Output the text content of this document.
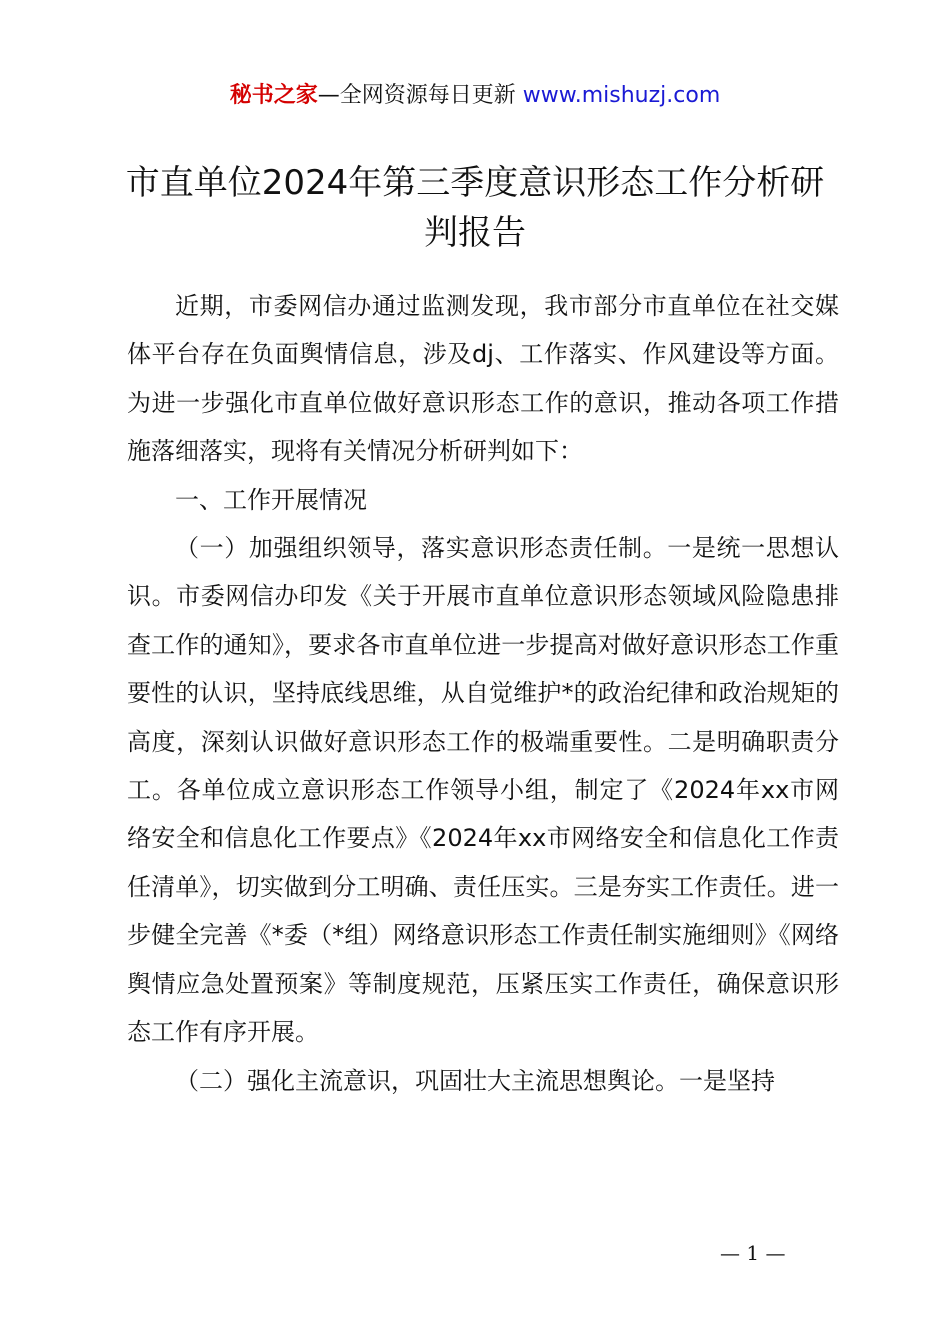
秘书之家—全网资源每日更新 www.mishuzj.com
市直单位2024年第三季度意识形态工作分析研判报告

近期，市委网信办通过监测发现，我市部分市直单位在社交媒体平台存在负面舆情信息，涉及dj、工作落实、作风建设等方面。为进一步强化市直单位做好意识形态工作的意识，推动各项工作措施落细落实，现将有关情况分析研判如下：

一、工作开展情况

（一）加强组织领导，落实意识形态责任制。一是统一思想认识。市委网信办印发《关于开展市直单位意识形态领域风险隐患排查工作的通知》，要求各市直单位进一步提高对做好意识形态工作重要性的认识，坚持底线思维，从自觉维护*的政治纪律和政治规矩的高度，深刻认识做好意识形态工作的极端重要性。二是明确职责分工。各单位成立意识形态工作领导小组，制定了《2024年xx市网络安全和信息化工作要点》《2024年xx市网络安全和信息化工作责任清单》，切实做到分工明确、责任压实。三是夯实工作责任。进一步健全完善《*委（*组）网络意识形态工作责任制实施细则》《网络舆情应急处置预案》等制度规范，压紧压实工作责任，确保意识形态工作有序开展。

（二）强化主流意识，巩固壮大主流思想舆论。一是坚持

— 1 —
